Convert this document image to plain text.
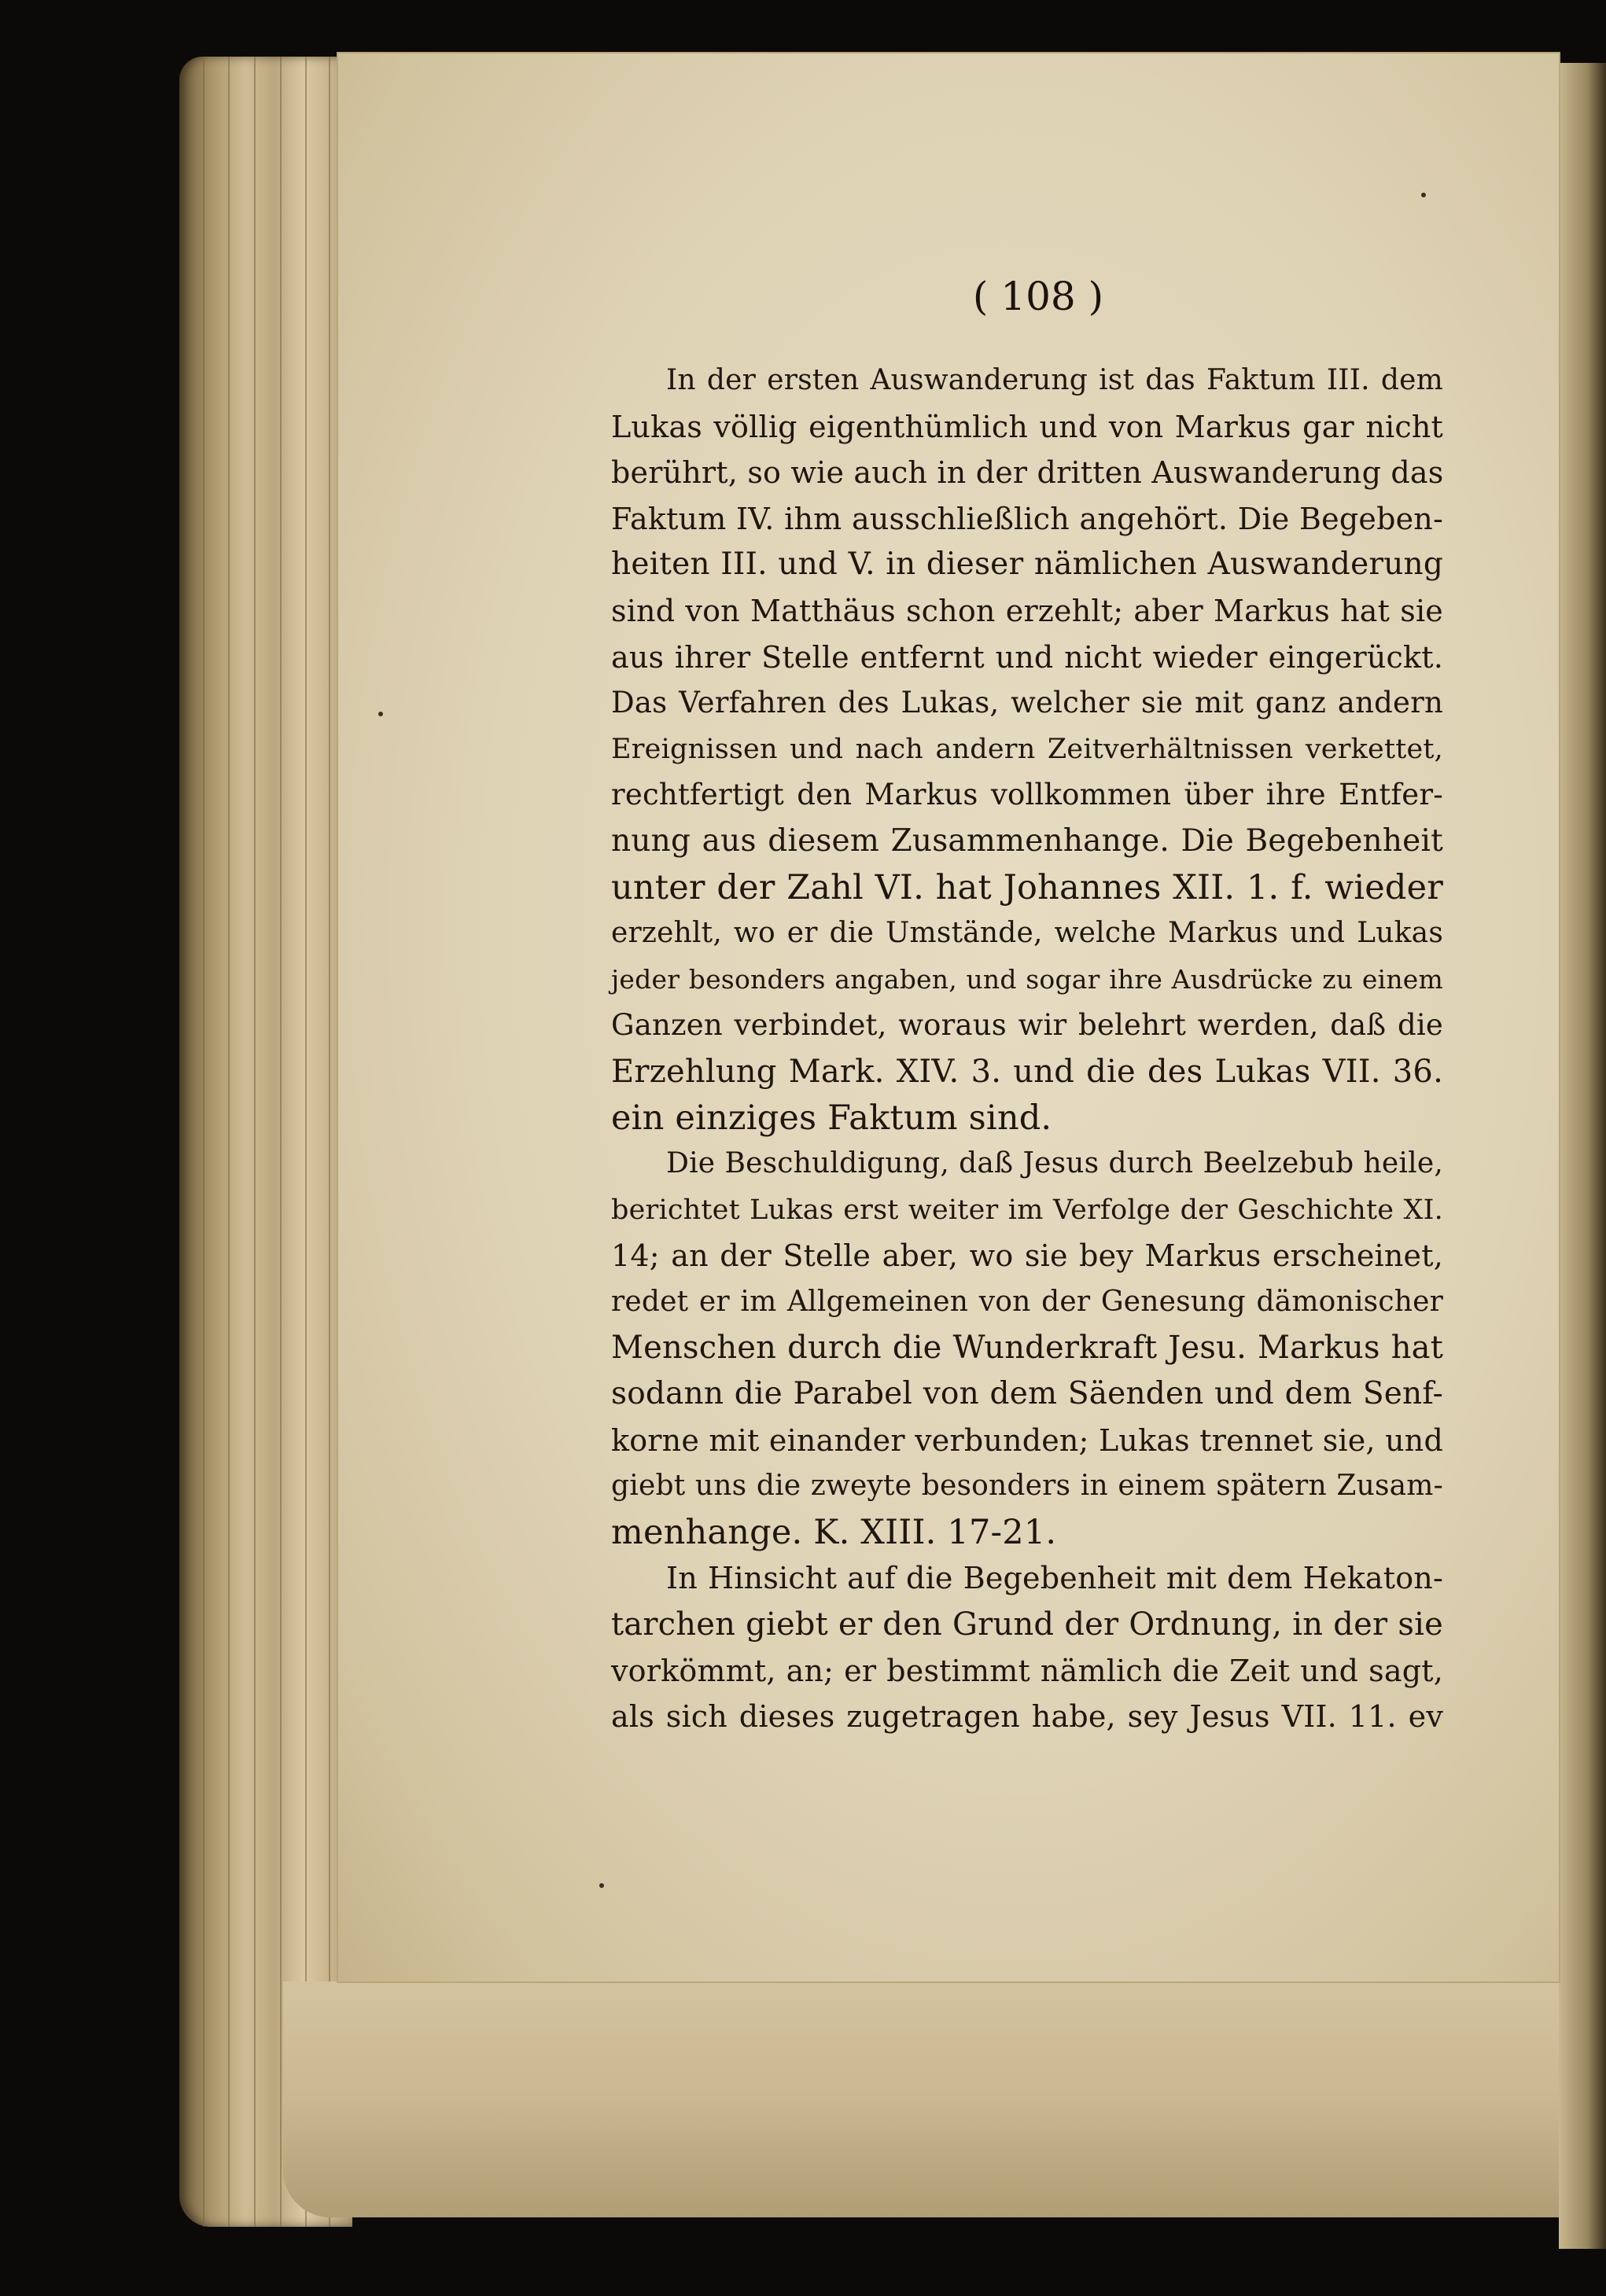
( 108 )
In der ersten Auswanderung ist das Faktum III. dem
Lukas völlig eigenthümlich und von Markus gar nicht
berührt, so wie auch in der dritten Auswanderung das
Faktum IV. ihm ausschließlich angehört. Die Begeben-
heiten III. und V. in dieser nämlichen Auswanderung
sind von Matthäus schon erzehlt; aber Markus hat sie
aus ihrer Stelle entfernt und nicht wieder eingerückt.
Das Verfahren des Lukas, welcher sie mit ganz andern
Ereignissen und nach andern Zeitverhältnissen verkettet,
rechtfertigt den Markus vollkommen über ihre Entfer-
nung aus diesem Zusammenhange. Die Begebenheit
unter der Zahl VI. hat Johannes XII. 1. f. wieder
erzehlt, wo er die Umstände, welche Markus und Lukas
jeder besonders angaben, und sogar ihre Ausdrücke zu einem
Ganzen verbindet, woraus wir belehrt werden, daß die
Erzehlung Mark. XIV. 3. und die des Lukas VII. 36.
ein einziges Faktum sind.
Die Beschuldigung, daß Jesus durch Beelzebub heile,
berichtet Lukas erst weiter im Verfolge der Geschichte XI.
14; an der Stelle aber, wo sie bey Markus erscheinet,
redet er im Allgemeinen von der Genesung dämonischer
Menschen durch die Wunderkraft Jesu. Markus hat
sodann die Parabel von dem Säenden und dem Senf-
korne mit einander verbunden; Lukas trennet sie, und
giebt uns die zweyte besonders in einem spätern Zusam-
menhange. K. XIII. 17-21.
In Hinsicht auf die Begebenheit mit dem Hekaton-
tarchen giebt er den Grund der Ordnung, in der sie
vorkömmt, an; er bestimmt nämlich die Zeit und sagt,
als sich dieses zugetragen habe, sey Jesus VII. 11. ev
